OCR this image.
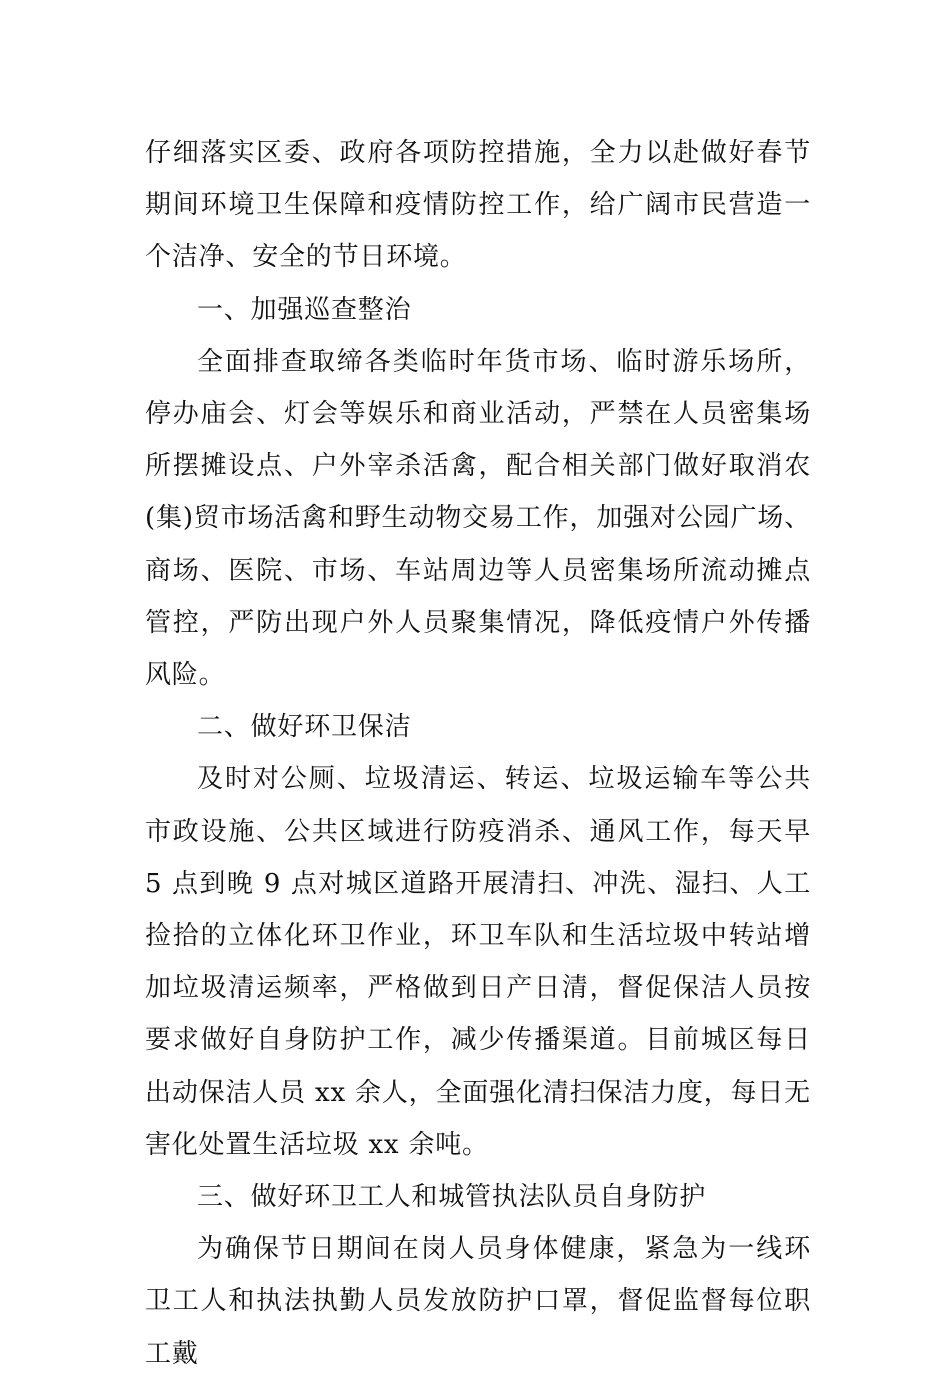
仔细落实区委、政府各项防控措施，全力以赴做好春节期间环境卫生保障和疫情防控工作，给广阔市民营造一个洁净、安全的节日环境。

一、加强巡查整治

全面排查取缔各类临时年货市场、临时游乐场所，停办庙会、灯会等娱乐和商业活动，严禁在人员密集场所摆摊设点、户外宰杀活禽，配合相关部门做好取消农(集)贸市场活禽和野生动物交易工作，加强对公园广场、商场、医院、市场、车站周边等人员密集场所流动摊点管控，严防出现户外人员聚集情况，降低疫情户外传播风险。

二、做好环卫保洁

及时对公厕、垃圾清运、转运、垃圾运输车等公共市政设施、公共区域进行防疫消杀、通风工作，每天早 5 点到晚 9 点对城区道路开展清扫、冲洗、湿扫、人工捡拾的立体化环卫作业，环卫车队和生活垃圾中转站增加垃圾清运频率，严格做到日产日清，督促保洁人员按要求做好自身防护工作，减少传播渠道。目前城区每日出动保洁人员 xx 余人，全面强化清扫保洁力度，每日无害化处置生活垃圾 xx 余吨。

三、做好环卫工人和城管执法队员自身防护

为确保节日期间在岗人员身体健康，紧急为一线环卫工人和执法执勤人员发放防护口罩，督促监督每位职工戴
